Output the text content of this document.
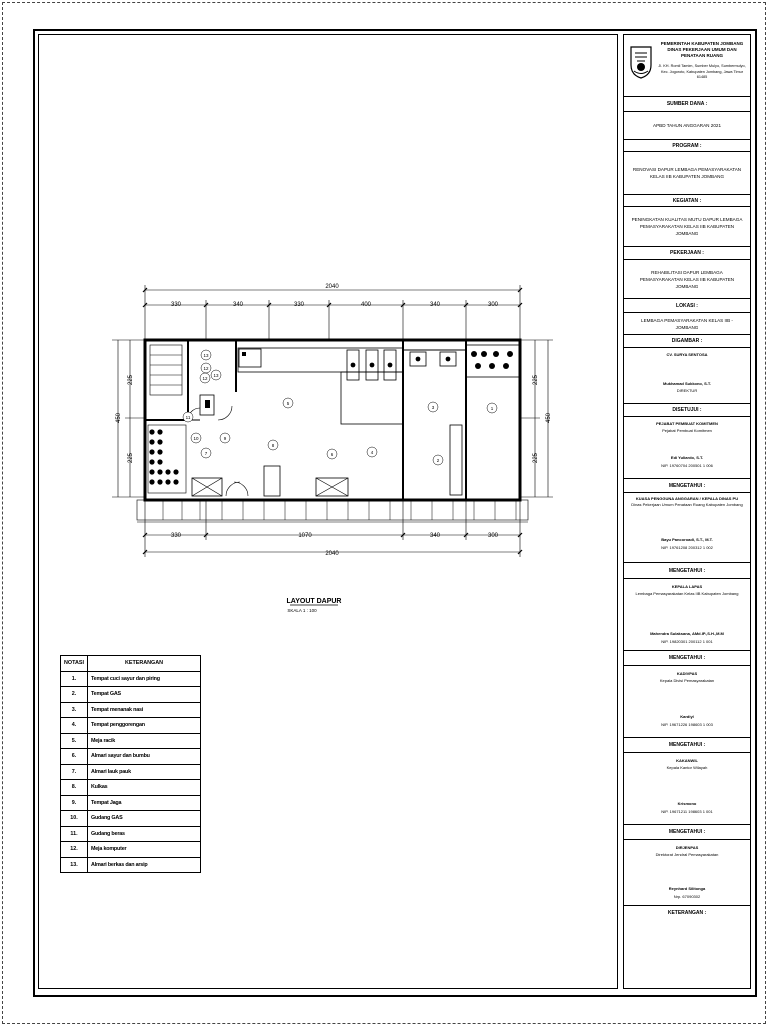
2040
330	340	330	400	340	300
330	1070	340	300
2040
450
225
225
450
225
225
1
2
3
4
5
8
6
7
10
11
9
13
12
13
12
LAYOUT DAPUR
SKALA 1 : 100
NOTASI	KETERANGAN
1.	Tempat cuci sayur dan piring
2.	Tempat GAS
3.	Tempat menanak nasi
4.	Tempat penggorengan
5.	Meja racik
6.	Almari sayur dan bumbu
7.	Almari lauk pauk
8.	Kulkas
9.	Tempat Jaga
10.	Gudang GAS
11.	Gudang beras
12.	Meja komputer
13.	Almari berkas dan arsip
PEMERINTAH KABUPATEN JOMBANG
DINAS PEKERJAAN UMUM DAN
PENATAAN RUANG
Jl. KH. Romli Tamim, Sumber Mulyo, Sumbermulyo,
Kec. Jogoroto, Kabupaten Jombang, Jawa Timur 61485
SUMBER DANA :
APBD TAHUN ANGGARAN 2021
PROGRAM :
RENOVASI DAPUR LEMBAGA PEMASYARAKATAN KELAS IIB KABUPATEN JOMBANG
KEGIATAN :
PENINGKATAN KUALITAS MUTU DAPUR LEMBAGA PEMASYARAKATAN KELAS IIB KABUPATEN JOMBANG
PEKERJAAN :
REHABILITASI DAPUR LEMBAGA PEMASYARAKATAN KELAS IIB KABUPATEN JOMBANG
LOKASI :
LEMBAGA PEMASYARAKATAN KELAS IIB - JOMBANG
DIGAMBAR :
CV. SURYA SENTOSA
Mukhamad Sukkono, S.T.
DIREKTUR
DISETUJUI :
PEJABAT PEMBUAT KOMITMEN
Pejabat Pembuat Komitmen
Edi Yuliardo, S.T.
NIP. 19760704 200501 1 006
MENGETAHUI :
KUASA PENGGUNA ANGGARAN / KEPALA DINAS PU
Dinas Pekerjaan Umum Penataan Ruang Kabupaten Jombang
Bayu Pancoroadi, S.T., M.T.
NIP. 19761208 200312 1 002
MENGETAHUI :
KEPALA LAPAS
Lembaga Pemasyarakatan Kelas IIB Kabupaten Jombang
Mahendra Sulaksana, AMd.IP.,S.H.,M.M
NIP. 19820301 200112 1 001
MENGETAHUI :
KADIVPAS
Kepala Divisi Pemasyarakatan
Kardiyl
NIP. 19671226 198603 1 003
MENGETAHUI :
KAKANWIL
Kepala Kantor Wilayah
Krismono
NIP. 19671211 198603 1 001
MENGETAHUI :
DIRJENPAS
Direktorat Jendral Pemasyarakatan
Reynhard Silitonga
Nrp. 67090302
KETERANGAN :
